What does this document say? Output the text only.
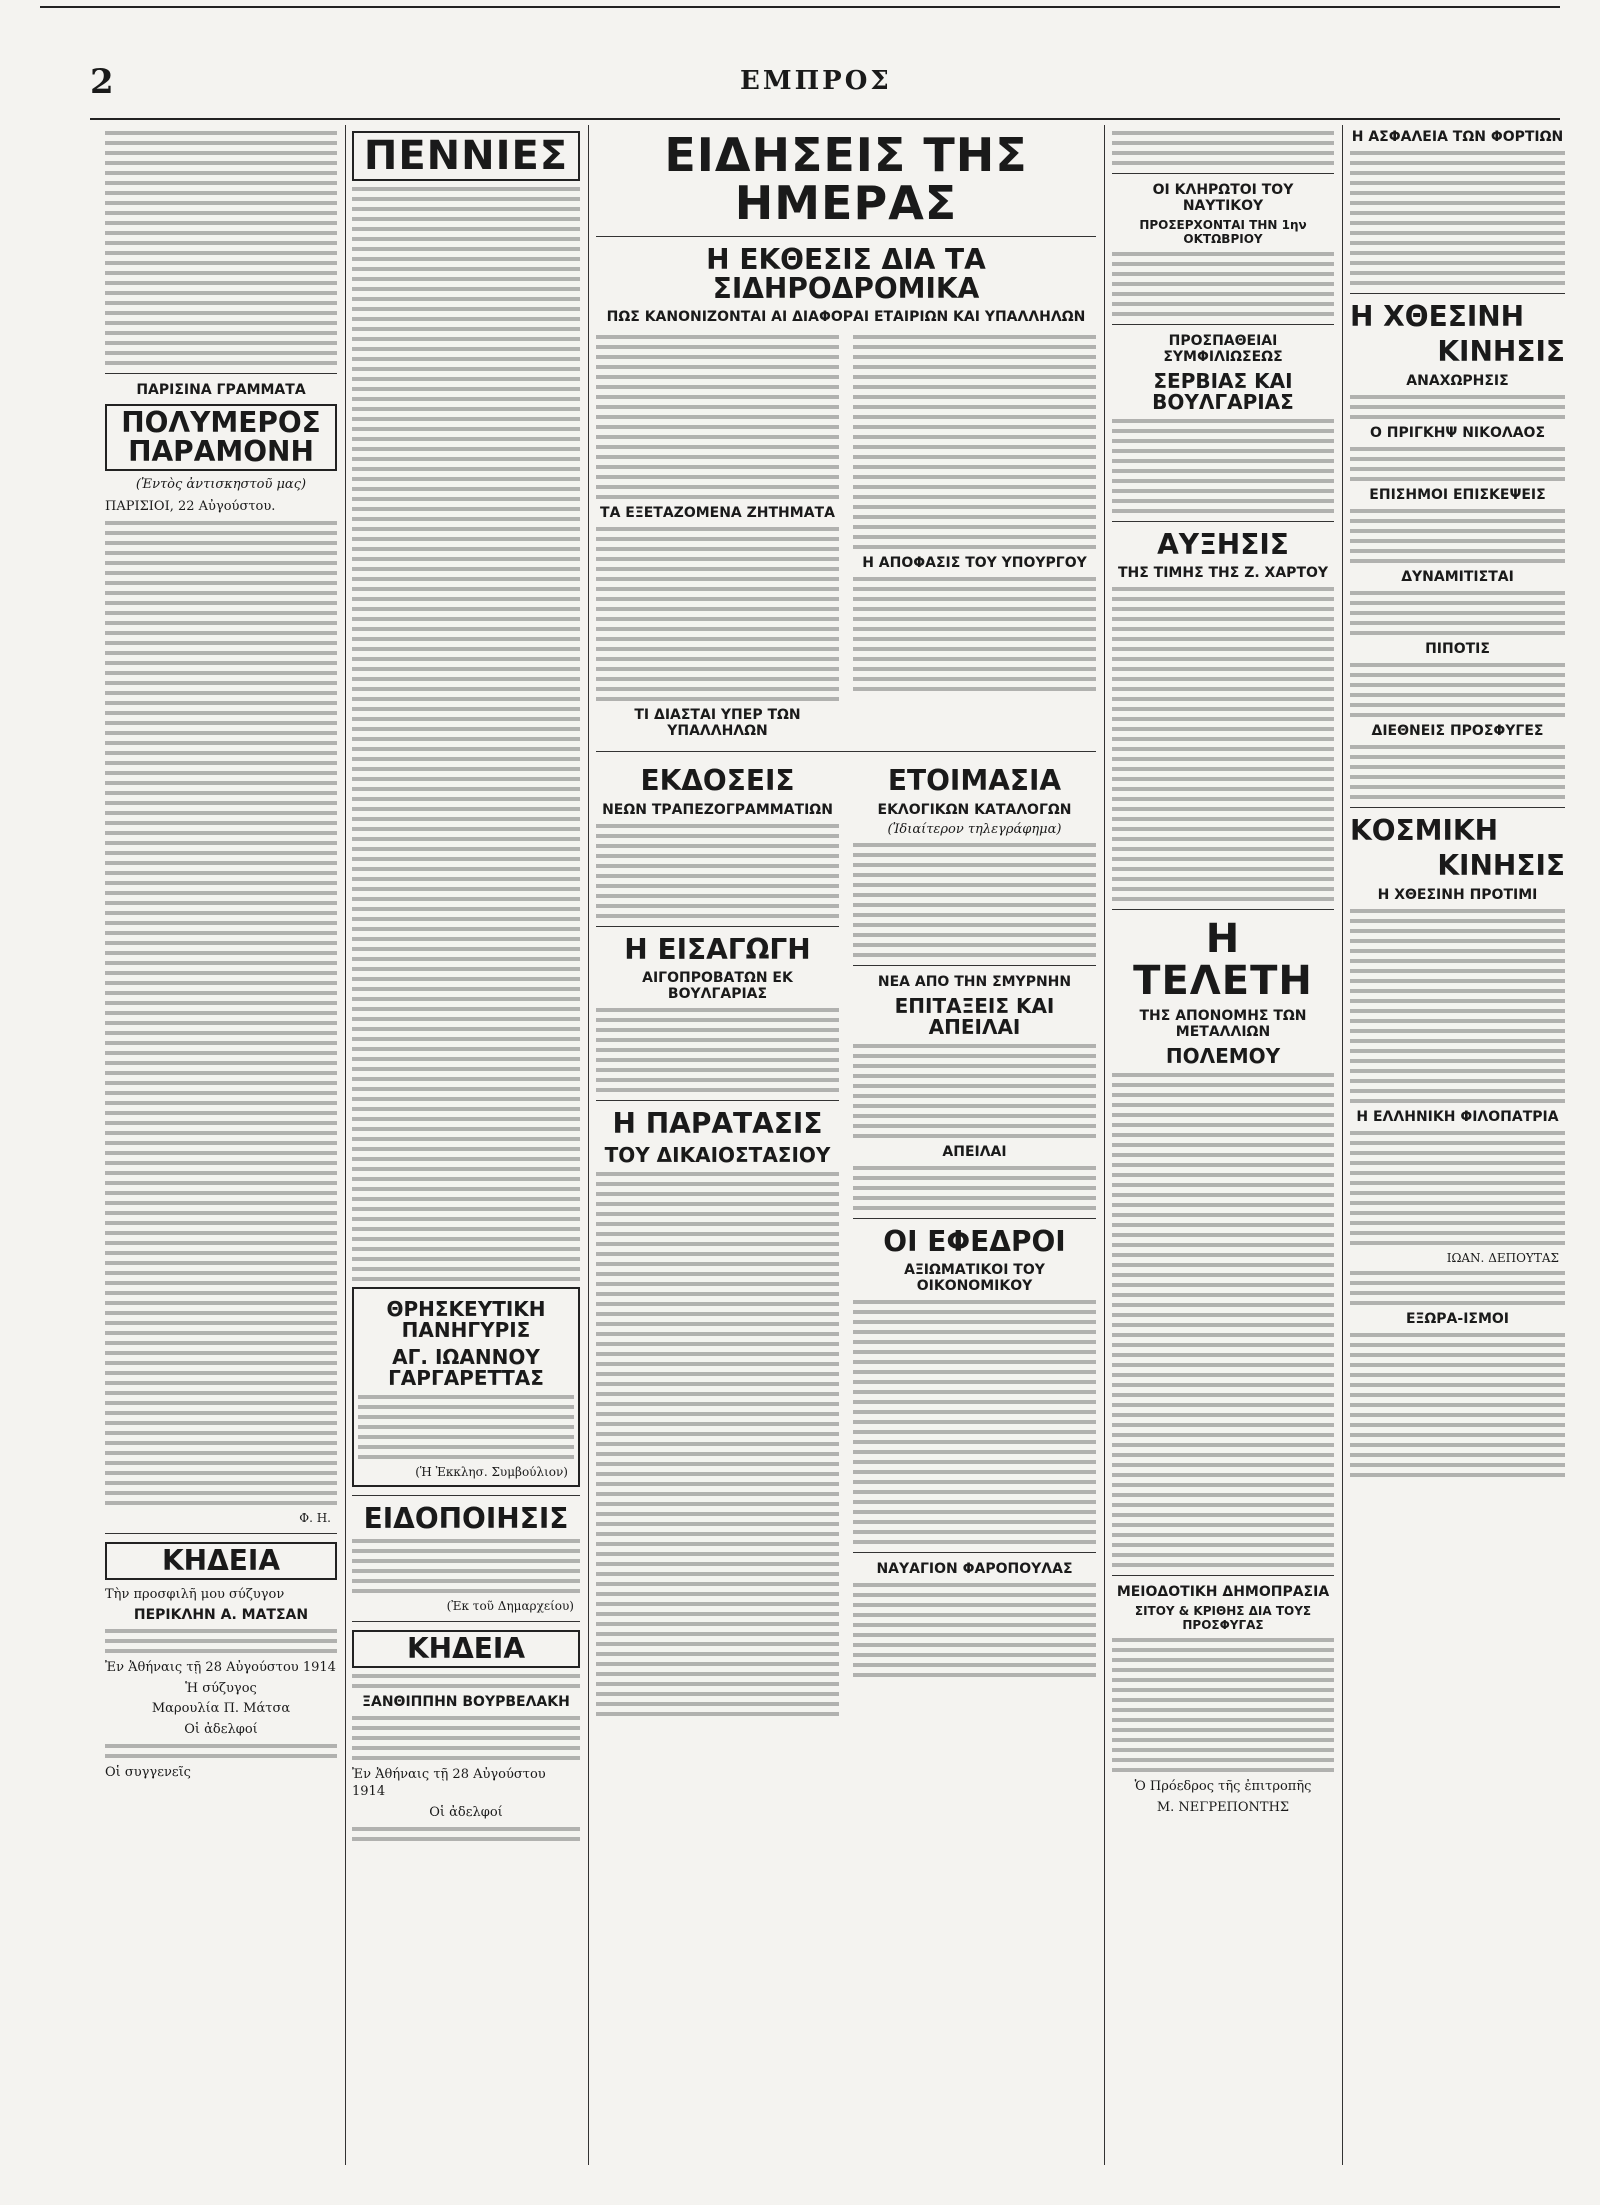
2	ΕΜΠΡΟΣ
ΠΑΡΙΣΙΝΑ ΓΡΑΜΜΑΤΑ
ΠΟΛΥΜΕΡΟΣ ΠΑΡΑΜΟΝΗ
(Ἐντὸς ἀντισκηστοῦ μας)
ΠΑΡΙΣΙΟΙ, 22 Αὐγούστου.
Φ. Η.
ΚΗΔΕΙΑ
Τὴν προσφιλῆ μου σύζυγον
ΠΕΡΙΚΛΗΝ Α. ΜΑΤΣΑΝ
Ἐν Ἀθήναις τῇ 28 Αὐγούστου 1914
Ἡ σύζυγος
Μαρουλία Π. Μάτσα
Οἱ ἀδελφοί
Οἱ συγγενεῖς
ΠΕΝΝΙΕΣ
ΘΡΗΣΚΕΥΤΙΚΗ ΠΑΝΗΓΥΡΙΣ
ΑΓ. ΙΩΑΝΝΟΥ ΓΑΡΓΑΡΕΤΤΑΣ
(Ἡ Ἐκκλησ. Συμβούλιον)
ΕΙΔΟΠΟΙΗΣΙΣ
(Ἐκ τοῦ Δημαρχείου)
ΚΗΔΕΙΑ
ΞΑΝΘΙΠΠΗΝ ΒΟΥΡΒΕΛΑΚΗ
Ἐν Ἀθήναις τῇ 28 Αὐγούστου 1914
Οἱ ἀδελφοί
ΕΙΔΗΣΕΙΣ ΤΗΣ ΗΜΕΡΑΣ
Η ΕΚΘΕΣΙΣ ΔΙΑ ΤΑ ΣΙΔΗΡΟΔΡΟΜΙΚΑ
ΠΩΣ ΚΑΝΟΝΙΖΟΝΤΑΙ ΑΙ ΔΙΑΦΟΡΑΙ ΕΤΑΙΡΙΩΝ ΚΑΙ ΥΠΑΛΛΗΛΩΝ
ΤΑ ΕΞΕΤΑΖΟΜΕΝΑ ΖΗΤΗΜΑΤΑ
ΤΙ ΔΙΑΣΤΑΙ ΥΠΕΡ ΤΩΝ ΥΠΑΛΛΗΛΩΝ
Η ΑΠΟΦΑΣΙΣ ΤΟΥ ΥΠΟΥΡΓΟΥ
ΕΚΔΟΣΕΙΣ
ΝΕΩΝ ΤΡΑΠΕΖΟΓΡΑΜΜΑΤΙΩΝ
Η ΕΙΣΑΓΩΓΗ
ΑΙΓΟΠΡΟΒΑΤΩΝ ΕΚ ΒΟΥΛΓΑΡΙΑΣ
Η ΠΑΡΑΤΑΣΙΣ
ΤΟΥ ΔΙΚΑΙΟΣΤΑΣΙΟΥ
ΕΤΟΙΜΑΣΙΑ
ΕΚΛΟΓΙΚΩΝ ΚΑΤΑΛΟΓΩΝ
(Ἰδιαίτερον τηλεγράφημα)
ΝΕΑ ΑΠΟ ΤΗΝ ΣΜΥΡΝΗΝ
ΕΠΙΤΑΞΕΙΣ ΚΑΙ ΑΠΕΙΛΑΙ
ΑΠΕΙΛΑΙ
ΟΙ ΕΦΕΔΡΟΙ
ΑΞΙΩΜΑΤΙΚΟΙ ΤΟΥ ΟΙΚΟΝΟΜΙΚΟΥ
ΝΑΥΑΓΙΟΝ ΦΑΡΟΠΟΥΛΑΣ
ΟΙ ΚΛΗΡΩΤΟΙ ΤΟΥ ΝΑΥΤΙΚΟΥ
ΠΡΟΣΕΡΧΟΝΤΑΙ ΤΗΝ 1ην ΟΚΤΩΒΡΙΟΥ
ΠΡΟΣΠΑΘΕΙΑΙ ΣΥΜΦΙΛΙΩΣΕΩΣ
ΣΕΡΒΙΑΣ ΚΑΙ ΒΟΥΛΓΑΡΙΑΣ
ΑΥΞΗΣΙΣ
ΤΗΣ ΤΙΜΗΣ ΤΗΣ Ζ. ΧΑΡΤΟΥ
Η ΤΕΛΕΤΗ
ΤΗΣ ΑΠΟΝΟΜΗΣ ΤΩΝ ΜΕΤΑΛΛΙΩΝ
ΠΟΛΕΜΟΥ
ΜΕΙΟΔΟΤΙΚΗ ΔΗΜΟΠΡΑΣΙΑ
ΣΙΤΟΥ & ΚΡΙΘΗΣ ΔΙΑ ΤΟΥΣ ΠΡΟΣΦΥΓΑΣ
Ὁ Πρόεδρος τῆς ἐπιτροπῆς
Μ. ΝΕΓΡΕΠΟΝΤΗΣ
Η ΑΣΦΑΛΕΙΑ ΤΩΝ ΦΟΡΤΙΩΝ
Η ΧΘΕΣΙΝΗ
ΚΙΝΗΣΙΣ
ΑΝΑΧΩΡΗΣΙΣ
Ο ΠΡΙΓΚΗΨ ΝΙΚΟΛΑΟΣ
ΕΠΙΣΗΜΟΙ ΕΠΙΣΚΕΨΕΙΣ
ΔΥΝΑΜΙΤΙΣΤΑΙ
ΠΙΠΟΤΙΣ
ΔΙΕΘΝΕΙΣ ΠΡΟΣΦΥΓΕΣ
ΚΟΣΜΙΚΗ
ΚΙΝΗΣΙΣ
Η ΧΘΕΣΙΝΗ ΠΡΟΤΙΜΙ
Η ΕΛΛΗΝΙΚΗ ΦΙΛΟΠΑΤΡΙΑ
ΙΩΑΝ. ΔΕΠΟΥΤΑΣ
ΕΞΩΡΑ-ΙΣΜΟΙ
